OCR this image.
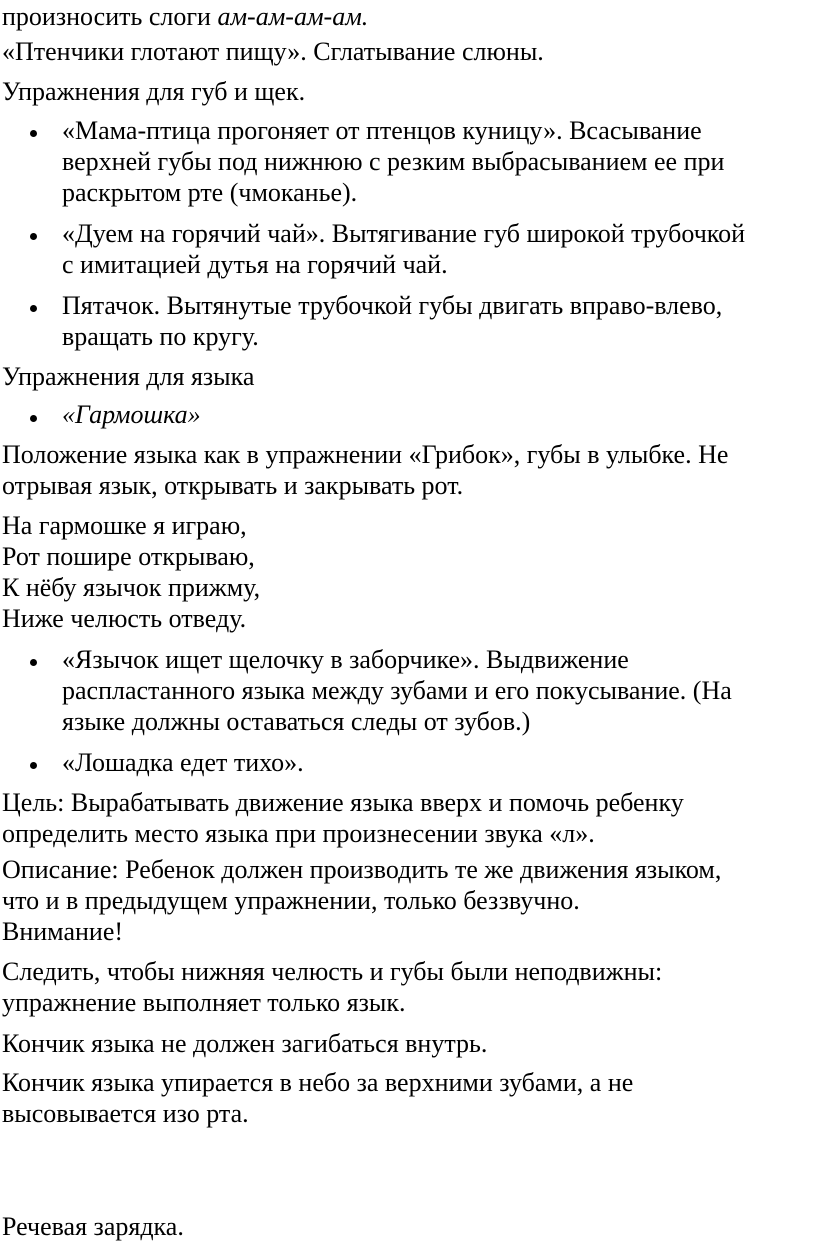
произносить слоги ам-ам-ам-ам.

«Птенчики глотают пищу». Сглатывание слюны.

Упражнения для губ и щек.

«Мама-птица прогоняет от птенцов куницу». Всасывание

верхней губы под нижнюю с резким выбрасыванием ее при

раскрытом рте (чмоканье).

«Дуем на горячий чай». Вытягивание губ широкой трубочкой

с имитацией дутья на горячий чай.

Пятачок. Вытянутые трубочкой губы двигать вправо-влево,

вращать по кругу.

Упражнения для языка

«Гармошка»

Положение языка как в упражнении «Грибок», губы в улыбке. Не

отрывая язык, открывать и закрывать рот.

На гармошке я играю,

Рот пошире открываю,

К нёбу язычок прижму,

Ниже челюсть отведу.

«Язычок ищет щелочку в заборчике». Выдвижение

распластанного языка между зубами и его покусывание. (На

языке должны оставаться следы от зубов.)

«Лошадка едет тихо».

Цель: Вырабатывать движение языка вверх и помочь ребенку

определить место языка при произнесении звука «л».

Описание: Ребенок должен производить те же движения языком,

что и в предыдущем упражнении, только беззвучно.

Внимание!

Следить, чтобы нижняя челюсть и губы были неподвижны:

упражнение выполняет только язык.

Кончик языка не должен загибаться внутрь.

Кончик языка упирается в небо за верхними зубами, а не

высовывается изо рта.

Речевая зарядка.
